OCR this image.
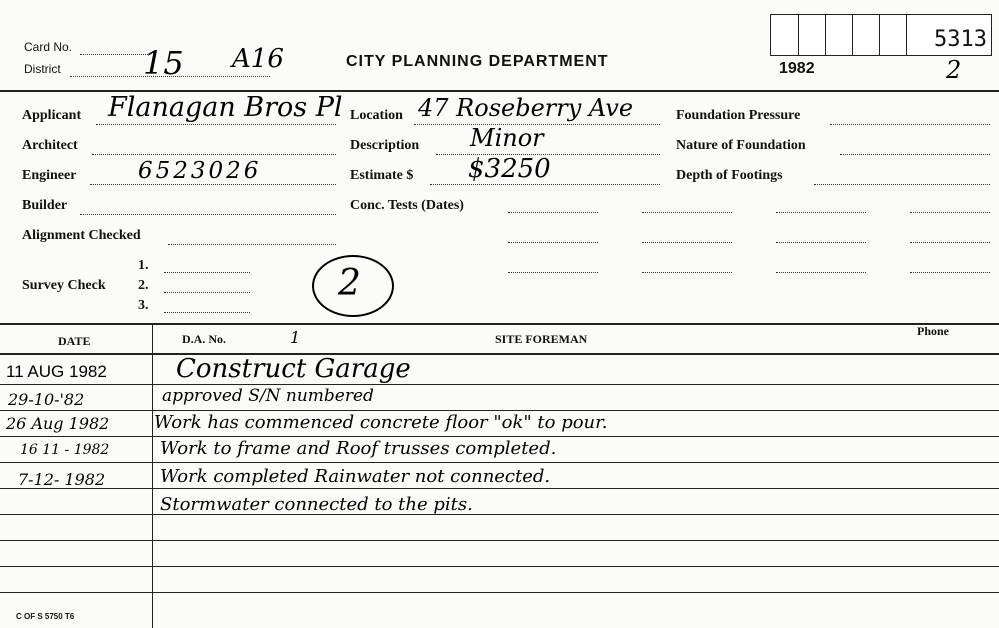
Card No.
District	15 A16	CITY PLANNING DEPARTMENT
5313
1982	2
Applicant Flanagan Bros Pl
Architect
Engineer	6523026
Builder
Alignment Checked
Survey Check
1.
2.
3.
2
Location 47 Roseberry Ave
Description Minor
Estimate $ $3250
Conc. Tests (Dates)
Foundation Pressure
Nature of Foundation
Depth of Footings
DATE	D.A. No.	1	SITE FOREMAN
Phone
11 AUG 1982	Construct Garage
29-10-'82	approved S/N numbered
26 Aug 1982 Work has commenced concrete floor "ok" to pour.
16 11 - 1982	Work to frame and Roof trusses completed.
7-12- 1982	Work completed Rainwater not connected.
Stormwater connected to the pits.
C OF S 5750 T6
